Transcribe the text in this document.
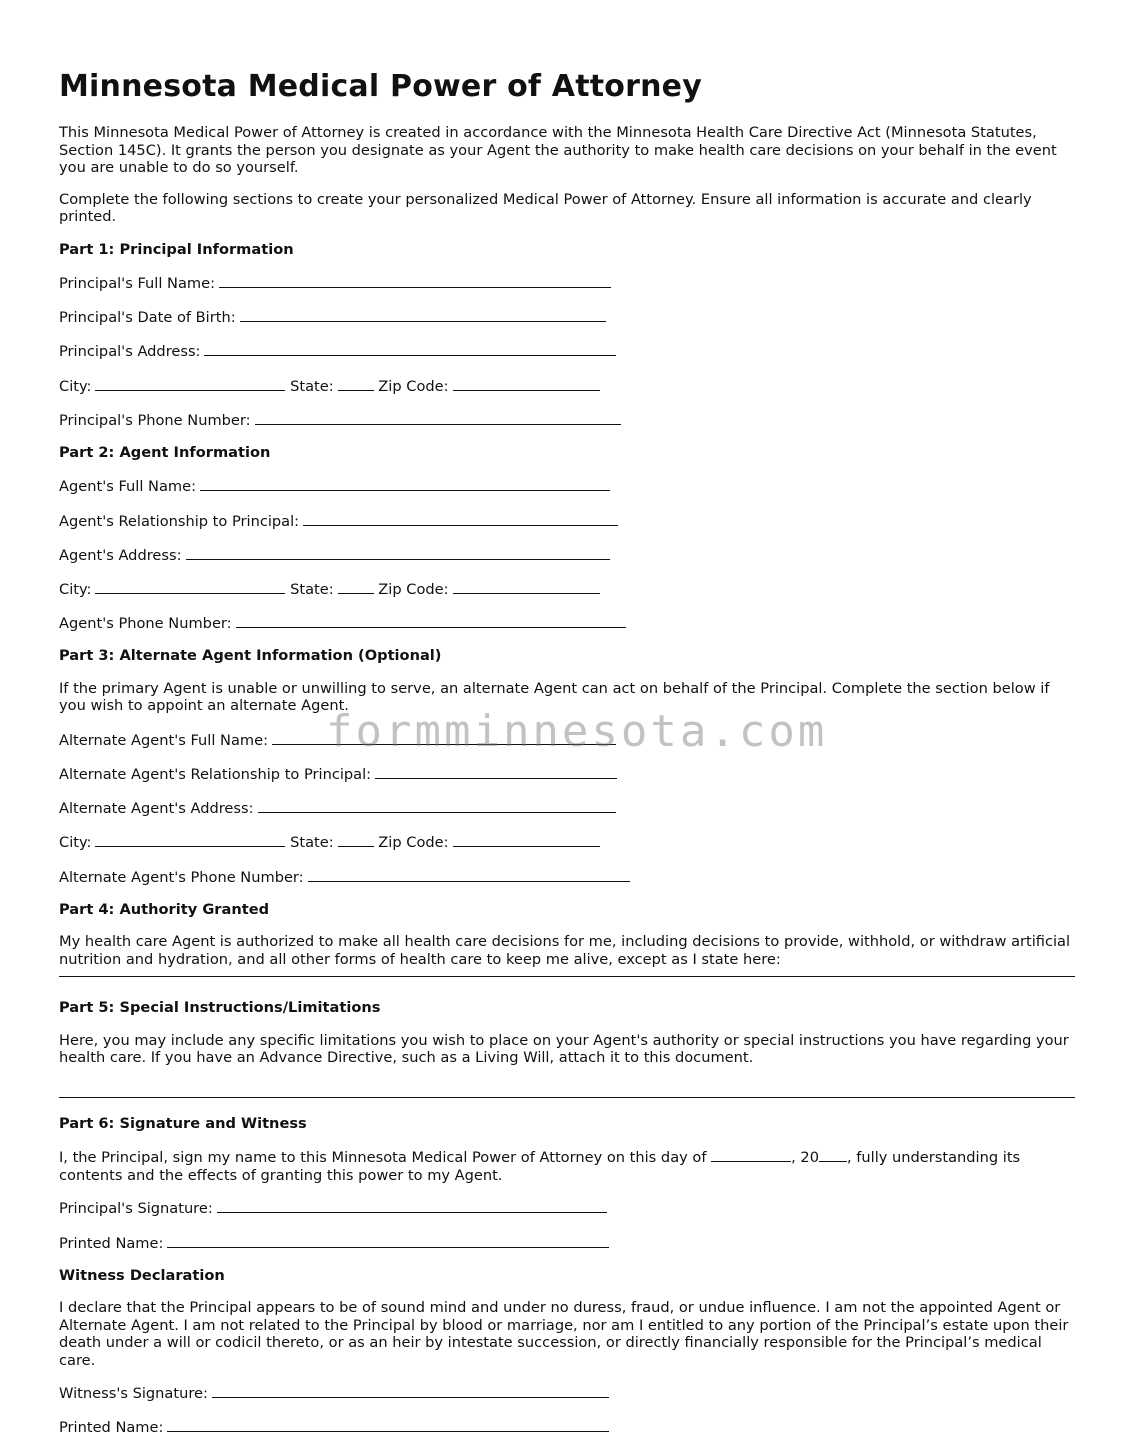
Minnesota Medical Power of Attorney

This Minnesota Medical Power of Attorney is created in accordance with the Minnesota Health Care Directive Act (Minnesota Statutes, Section 145C). It grants the person you designate as your Agent the authority to make health care decisions on your behalf in the event you are unable to do so yourself.

Complete the following sections to create your personalized Medical Power of Attorney. Ensure all information is accurate and clearly printed.

Part 1: Principal Information
Principal's Full Name:
Principal's Date of Birth:
Principal's Address:
City:	State:	Zip Code:
Principal's Phone Number:
Part 2: Agent Information
Agent's Full Name:
Agent's Relationship to Principal:
Agent's Address:
City:	State:	Zip Code:
Agent's Phone Number:
Part 3: Alternate Agent Information (Optional)

If the primary Agent is unable or unwilling to serve, an alternate Agent can act on behalf of the Principal. Complete the section below if you wish to appoint an alternate Agent.

Alternate Agent's Full Name:
Alternate Agent's Relationship to Principal:
Alternate Agent's Address:
City:	State:	Zip Code:
Alternate Agent's Phone Number:
Part 4: Authority Granted

My health care Agent is authorized to make all health care decisions for me, including decisions to provide, withhold, or withdraw artificial nutrition and hydration, and all other forms of health care to keep me alive, except as I state here:

Part 5: Special Instructions/Limitations

Here, you may include any specific limitations you wish to place on your Agent's authority or special instructions you have regarding your health care. If you have an Advance Directive, such as a Living Will, attach it to this document.

Part 6: Signature and Witness

I, the Principal, sign my name to this Minnesota Medical Power of Attorney on this day of	, 20 , fully understanding its contents and the effects of granting this power to my Agent.

Principal's Signature:
Printed Name:
Witness Declaration

I declare that the Principal appears to be of sound mind and under no duress, fraud, or undue influence. I am not the appointed Agent or Alternate Agent. I am not related to the Principal by blood or marriage, nor am I entitled to any portion of the Principal’s estate upon their death under a will or codicil thereto, or as an heir by intestate succession, or directly financially responsible for the Principal’s medical care.

Witness's Signature:
Printed Name:
formminnesota.com
